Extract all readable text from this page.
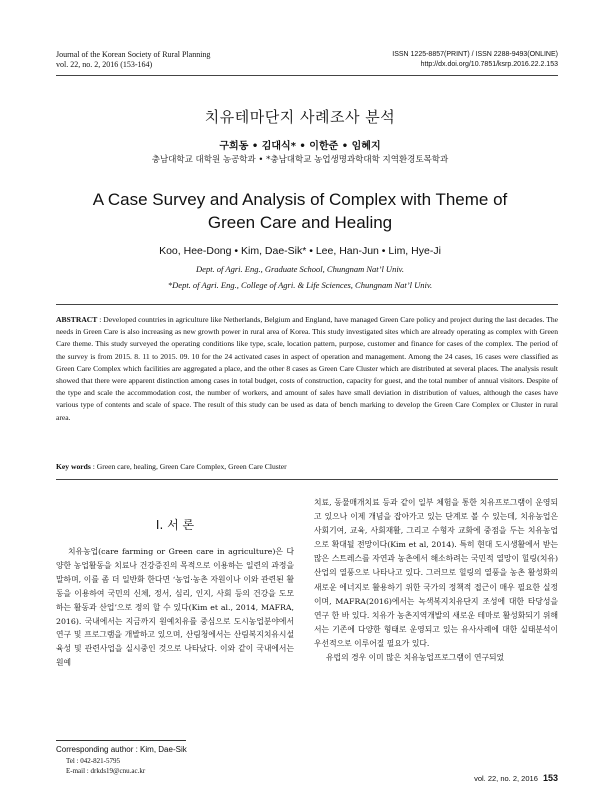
Journal of the Korean Society of Rural Planning
vol. 22, no. 2, 2016 (153-164)
ISSN 1225-8857(PRINT) / ISSN 2288-9493(ONLINE)
http://dx.doi.org/10.7851/ksrp.2016.22.2.153
치유테마단지 사례조사 분석
구희동 • 김대식* • 이한준 • 임혜지
충남대학교 대학원 농공학과 • *충남대학교 농업생명과학대학 지역환경토목학과
A Case Survey and Analysis of Complex with Theme of
Green Care and Healing
Koo, Hee-Dong • Kim, Dae-Sik* • Lee, Han-Jun • Lim, Hye-Ji
Dept. of Agri. Eng., Graduate School, Chungnam Nat’l Univ.
*Dept. of Agri. Eng., College of Agri. & Life Sciences, Chungnam Nat’l Univ.
ABSTRACT : Developed countries in agriculture like Netherlands, Belgium and England, have managed Green Care policy and project during the last decades. The needs in Green Care is also increasing as new growth power in rural area of Korea. This study investigated sites which are already operating as complex with Green Care theme. This study surveyed the operating conditions like type, scale, location pattern, purpose, customer and finance for cases of the complex. The period of the survey is from 2015. 8. 11 to 2015. 09. 10 for the 24 activated cases in aspect of operation and management. Among the 24 cases, 16 cases were classified as Green Care Complex which facilities are aggregated a place, and the other 8 cases as Green Care Cluster which are distributed at several places. The analysis result showed that there were apparent distinction among cases in total budget, costs of construction, capacity for guest, and the total number of annual visitors. Despite of the type and scale the accommodation cost, the number of workers, and amount of sales have small deviation in distribution of values, although the cases have various type of contents and scale of space. The result of this study can be used as data of bench marking to develop the Green Care Complex or Cluster in rural area.
Key words : Green care, healing, Green Care Complex, Green Care Cluster
I. 서 론
치유농업(care farming or Green care in agriculture)은 다양한 농업활동을 치료나 건강증진의 목적으로 이용하는 일련의 과정을 말하며, 이를 좀 더 일반화 한다면 ‘농업·농촌 자원이나 이와 관련된 활동을 이용하여 국민의 신체, 정서, 심리, 인지, 사회 등의 건강을 도모하는 활동과 산업’으로 정의 할 수 있다(Kim et al., 2014, MAFRA, 2016). 국내에서는 지금까지 원예치유를 중심으로 도시농업분야에서 연구 및 프로그램을 개발하고 있으며, 산림청에서는 산림복지치유시설 육성 및 관련사업을 실시중인 것으로 나타났다. 이와 같이 국내에서는 원예

치료, 동물매개치료 등과 같이 일부 체험을 통한 치유프로그램이 운영되고 있으나 이제 개념을 잡아가고 있는 단계로 볼 수 있는데, 치유농업은 사회기여, 교육, 사회재활, 그리고 수형자 교화에 중점을 두는 치유농업으로 확대될 전망이다(Kim et al, 2014). 특히 현대 도시생활에서 받는 많은 스트레스를 자연과 농촌에서 해소하려는 국민적 열망이 힐링(치유)산업의 열풍으로 나타나고 있다. 그러므로 힐링의 열풍을 농촌 활성화의 새로운 에너지로 활용하기 위한 국가의 정책적 접근이 매우 필요한 실정이며, MAFRA(2016)에서는 녹색복지치유단지 조성에 대한 타당성을 연구 한 바 있다. 치유가 농촌지역개발의 새로운 테마로 활성화되기 위해서는 기존에 다양한 형태로 운영되고 있는 유사사례에 대한 실태분석이 우선적으로 이루어질 필요가 있다.

유럽의 경우 이미 많은 치유농업프로그램이 연구되었

Corresponding author : Kim, Dae-Sik
Tel : 042-821-5795
E-mail : drkds19@cnu.ac.kr
vol. 22, no. 2, 2016 153
